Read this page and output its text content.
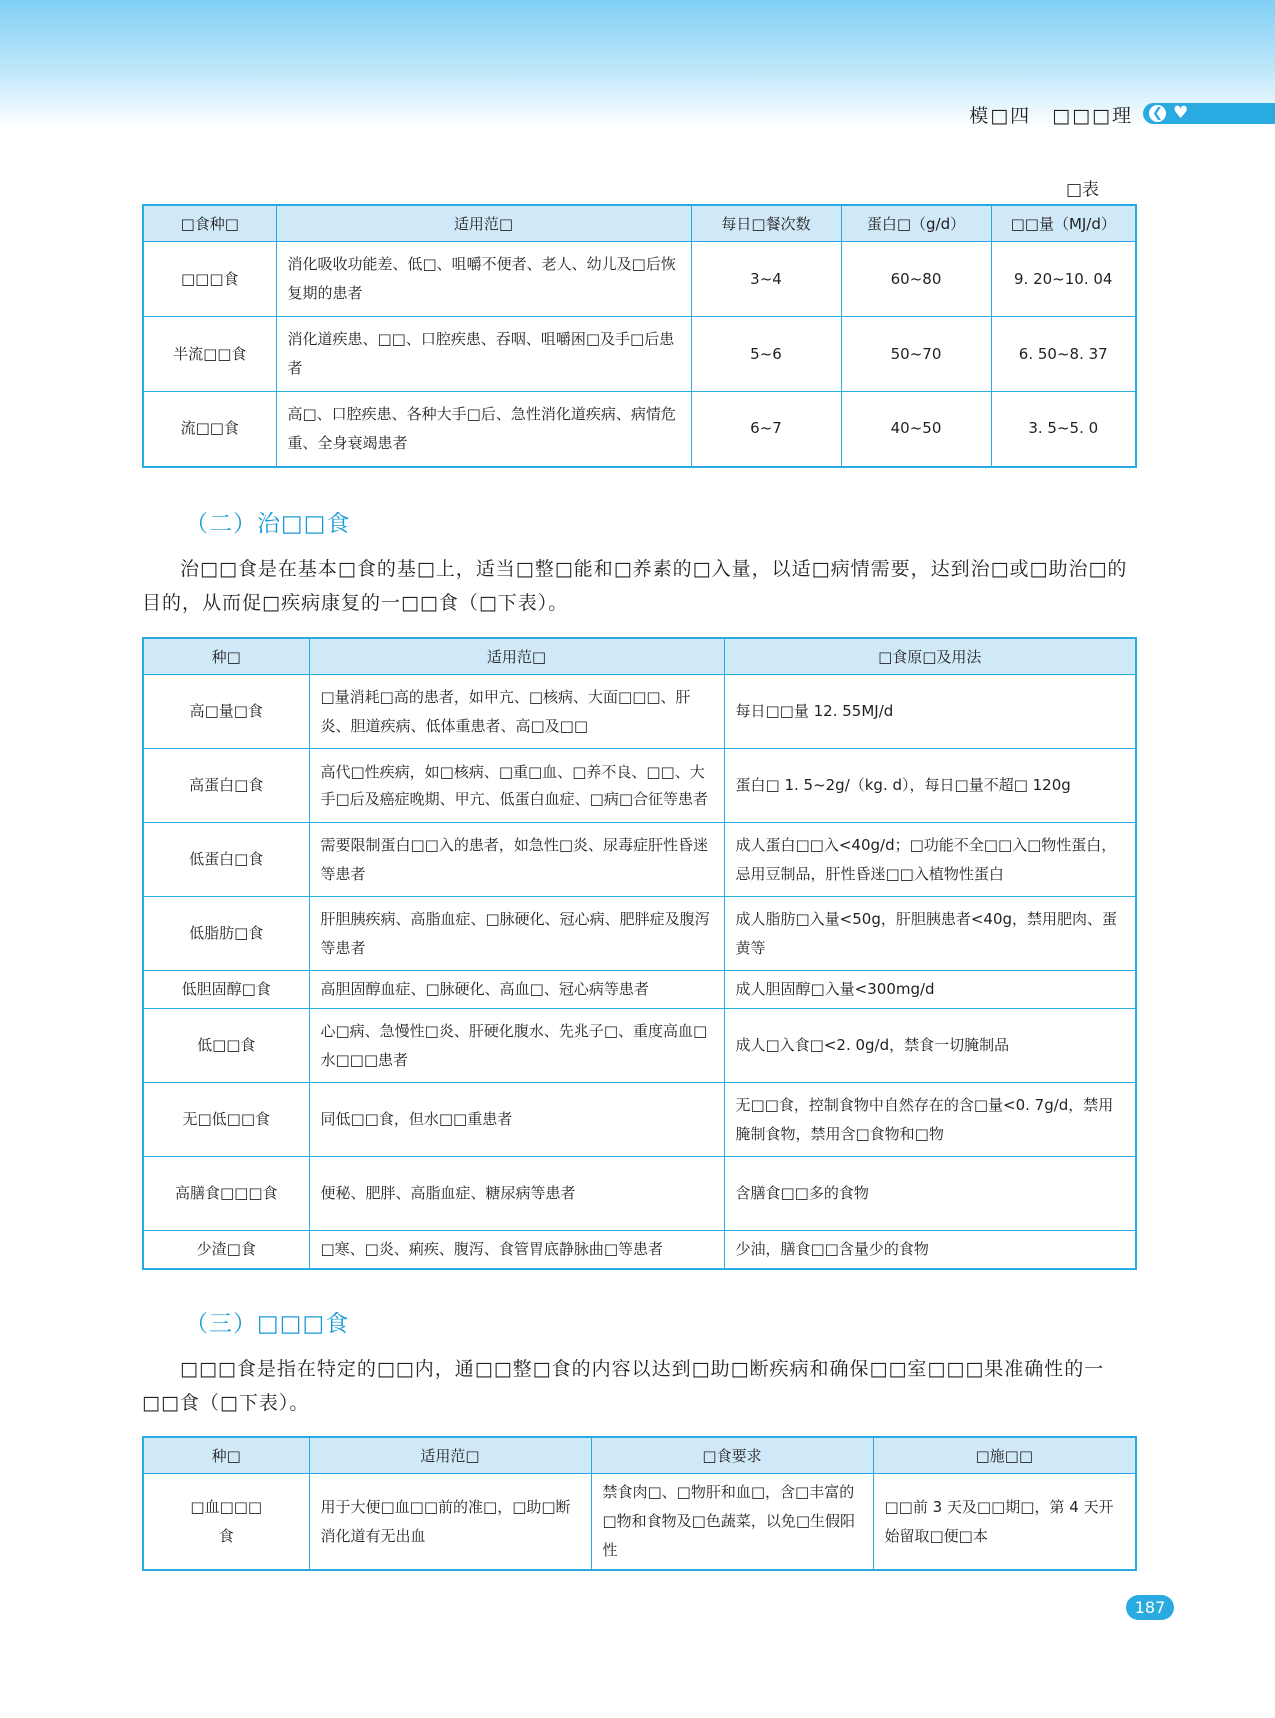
模□四　□□□理 ❮ ♥
□表
□食种□	适用范□	每日□餐次数	蛋白□（g/d）	□□量（MJ/d）
□□□食	消化吸收功能差、低□、咀嚼不便者、老人、幼儿及□后恢复期的患者	3~4	60~80	9. 20~10. 04
半流□□食	消化道疾患、□□、口腔疾患、吞咽、咀嚼困□及手□后患者	5~6	50~70	6. 50~8. 37
流□□食	高□、口腔疾患、各种大手□后、急性消化道疾病、病情危重、全身衰竭患者	6~7	40~50	3. 5~5. 0
（二）治□□食
治□□食是在基本□食的基□上，适当□整□能和□养素的□入量，以适□病情需要，达到治□或□助治□的目的，从而促□疾病康复的一□□食（□下表）。
种□	适用范□	□食原□及用法
高□量□食	□量消耗□高的患者，如甲亢、□核病、大面□□□、肝炎、胆道疾病、低体重患者、高□及□□	每日□□量 12. 55MJ/d
高蛋白□食	高代□性疾病，如□核病、□重□血、□养不良、□□、大手□后及癌症晚期、甲亢、低蛋白血症、□病□合征等患者	蛋白□ 1. 5~2g/（kg. d），每日□量不超□ 120g
低蛋白□食	需要限制蛋白□□入的患者，如急性□炎、尿毒症肝性昏迷等患者	成人蛋白□□入<40g/d；□功能不全□□入□物性蛋白，忌用豆制品，肝性昏迷□□入植物性蛋白
低脂肪□食	肝胆胰疾病、高脂血症、□脉硬化、冠心病、肥胖症及腹泻等患者	成人脂肪□入量<50g，肝胆胰患者<40g，禁用肥肉、蛋黄等
低胆固醇□食	高胆固醇血症、□脉硬化、高血□、冠心病等患者	成人胆固醇□入量<300mg/d
低□□食	心□病、急慢性□炎、肝硬化腹水、先兆子□、重度高血□水□□□患者	成人□入食□<2. 0g/d，禁食一切腌制品
无□低□□食	同低□□食，但水□□重患者	无□□食，控制食物中自然存在的含□量<0. 7g/d，禁用腌制食物，禁用含□食物和□物
高膳食□□□食	便秘、肥胖、高脂血症、糖尿病等患者	含膳食□□多的食物
少渣□食	□寒、□炎、痢疾、腹泻、食管胃底静脉曲□等患者	少油，膳食□□含量少的食物
（三）□□□食
□□□食是指在特定的□□内，通□□整□食的内容以达到□助□断疾病和确保□□室□□□果准确性的一□□食（□下表）。
种□	适用范□	□食要求	□施□□
□血□□□食	用于大便□血□□前的准□，□助□断消化道有无出血	禁食肉□、□物肝和血□，含□丰富的□物和食物及□色蔬菜，以免□生假阳性	□□前 3 天及□□期□，第 4 天开始留取□便□本
187
